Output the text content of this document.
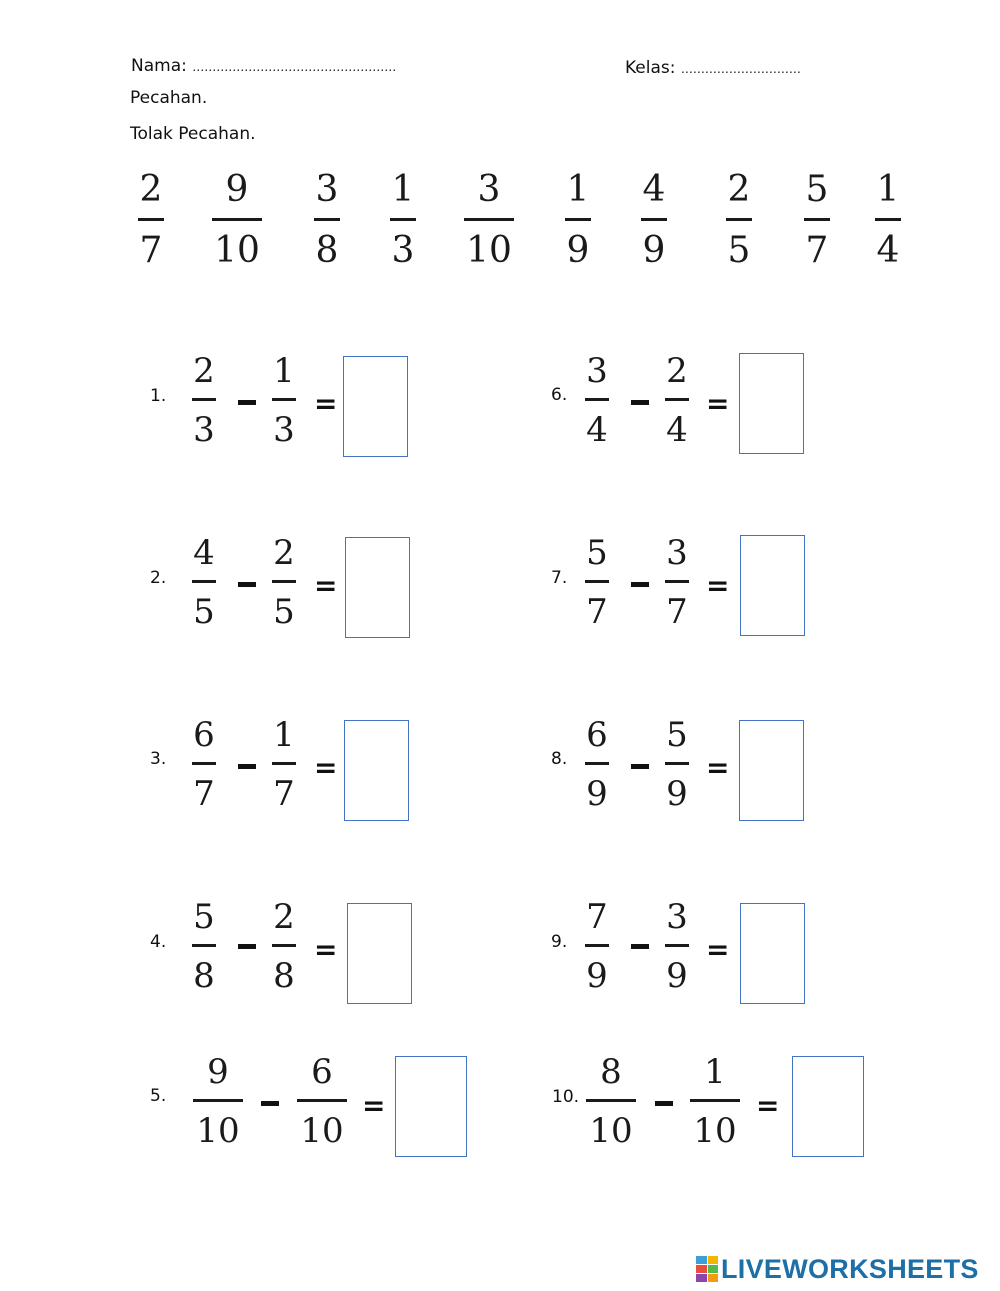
Nama: ……………………………………………	Kelas: …………………………
Pecahan.
Tolak Pecahan.
2
7
9
10
3
8
1
3
3
10
1
9
4
9
2
5
5
7
1
4
1.
2
3
1
3
=
2.
4
5
2
5
=
3.
6
7
1
7
=
4.
5
8
2
8
=
5.
9
10
6
10
=
6.
3
4
2
4
=
7.
5
7
3
7
=
8.
6
9
5
9
=
9.
7
9
3
9
=
10.
8
10
1
10
=
LIVEWORKSHEETS
